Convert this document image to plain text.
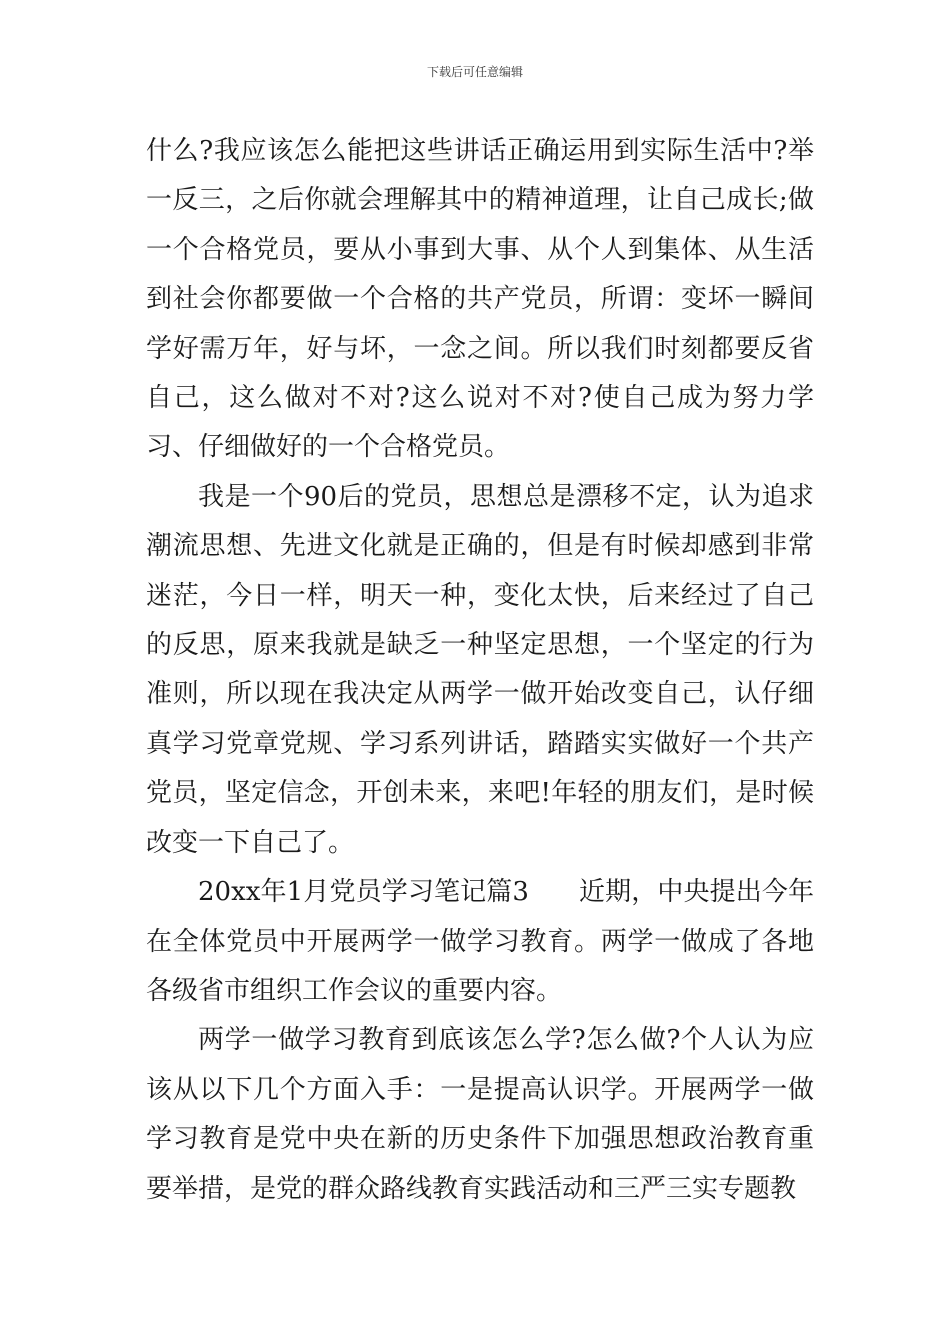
下载后可任意编辑

什么?我应该怎么能把这些讲话正确运用到实际生活中?举一反三，之后你就会理解其中的精神道理，让自己成长;做一个合格党员，要从小事到大事、从个人到集体、从生活到社会你都要做一个合格的共产党员，所谓：变坏一瞬间学好需万年，好与坏，一念之间。所以我们时刻都要反省自己，这么做对不对?这么说对不对?使自己成为努力学习、仔细做好的一个合格党员。

我是一个90后的党员，思想总是漂移不定，认为追求潮流思想、先进文化就是正确的，但是有时候却感到非常迷茫，今日一样，明天一种，变化太快，后来经过了自己的反思，原来我就是缺乏一种坚定思想，一个坚定的行为准则，所以现在我决定从两学一做开始改变自己，认仔细真学习党章党规、学习系列讲话，踏踏实实做好一个共产党员，坚定信念，开创未来，来吧!年轻的朋友们，是时候改变一下自己了。

20xx年1月党员学习笔记篇3 近期，中央提出今年在全体党员中开展两学一做学习教育。两学一做成了各地各级省市组织工作会议的重要内容。

两学一做学习教育到底该怎么学?怎么做?个人认为应该从以下几个方面入手：一是提高认识学。开展两学一做学习教育是党中央在新的历史条件下加强思想政治教育重要举措，是党的群众路线教育实践活动和三严三实专题教
